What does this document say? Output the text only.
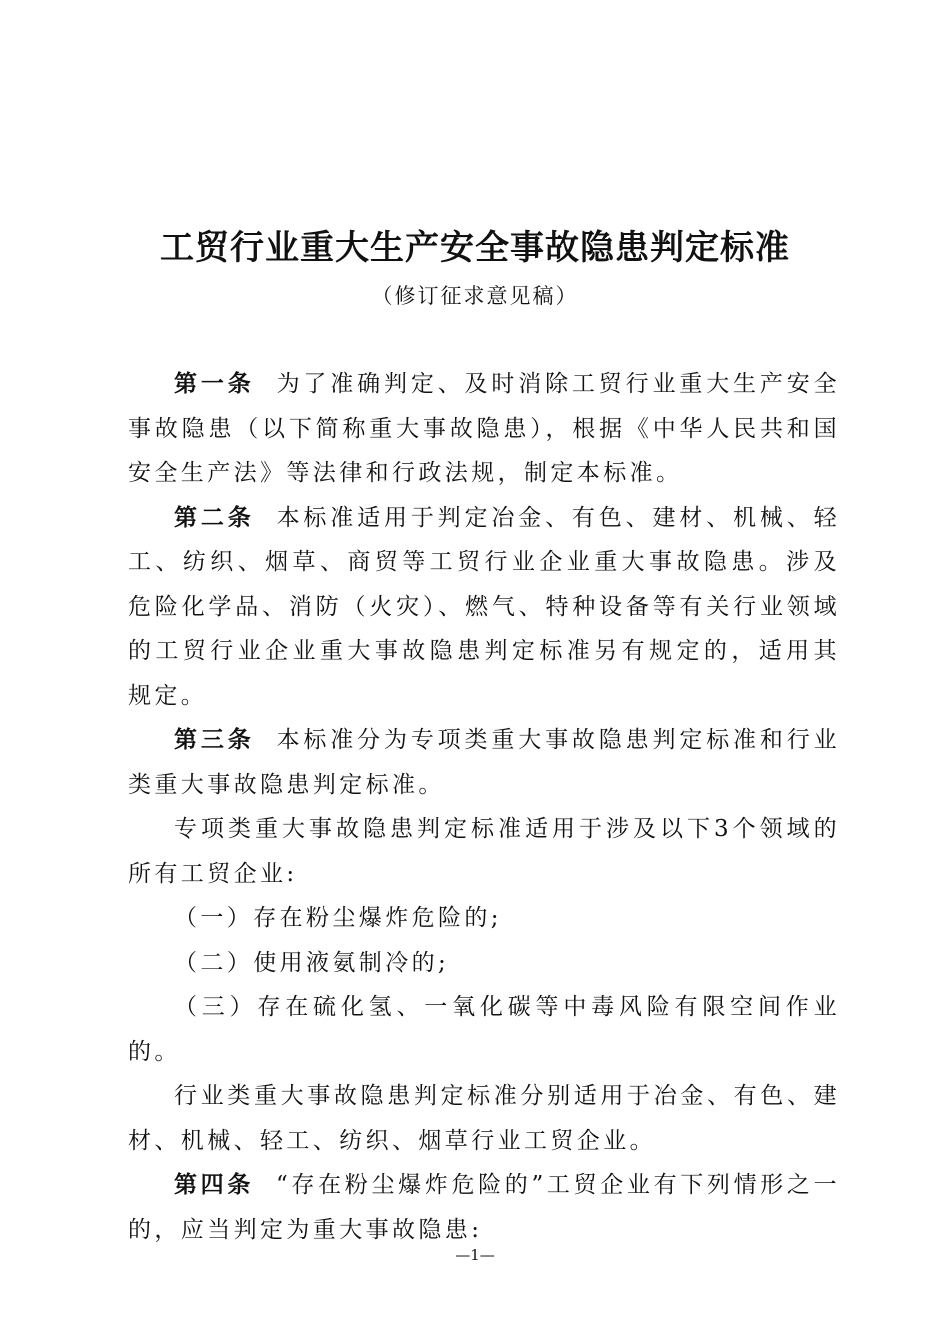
工贸行业重大生产安全事故隐患判定标准
（修订征求意见稿）

第一条 为了准确判定、及时消除工贸行业重大生产安全事故隐患（以下简称重大事故隐患），根据《中华人民共和国安全生产法》等法律和行政法规，制定本标准。

第二条 本标准适用于判定冶金、有色、建材、机械、轻工、纺织、烟草、商贸等工贸行业企业重大事故隐患。涉及危险化学品、消防（火灾）、燃气、特种设备等有关行业领域的工贸行业企业重大事故隐患判定标准另有规定的，适用其规定。

第三条 本标准分为专项类重大事故隐患判定标准和行业类重大事故隐患判定标准。

专项类重大事故隐患判定标准适用于涉及以下3个领域的所有工贸企业:

（一）存在粉尘爆炸危险的;

（二）使用液氨制冷的;

（三）存在硫化氢、一氧化碳等中毒风险有限空间作业的。

行业类重大事故隐患判定标准分别适用于冶金、有色、建材、机械、轻工、纺织、烟草行业工贸企业。

第四条 “存在粉尘爆炸危险的”工贸企业有下列情形之一的，应当判定为重大事故隐患:

—1—
